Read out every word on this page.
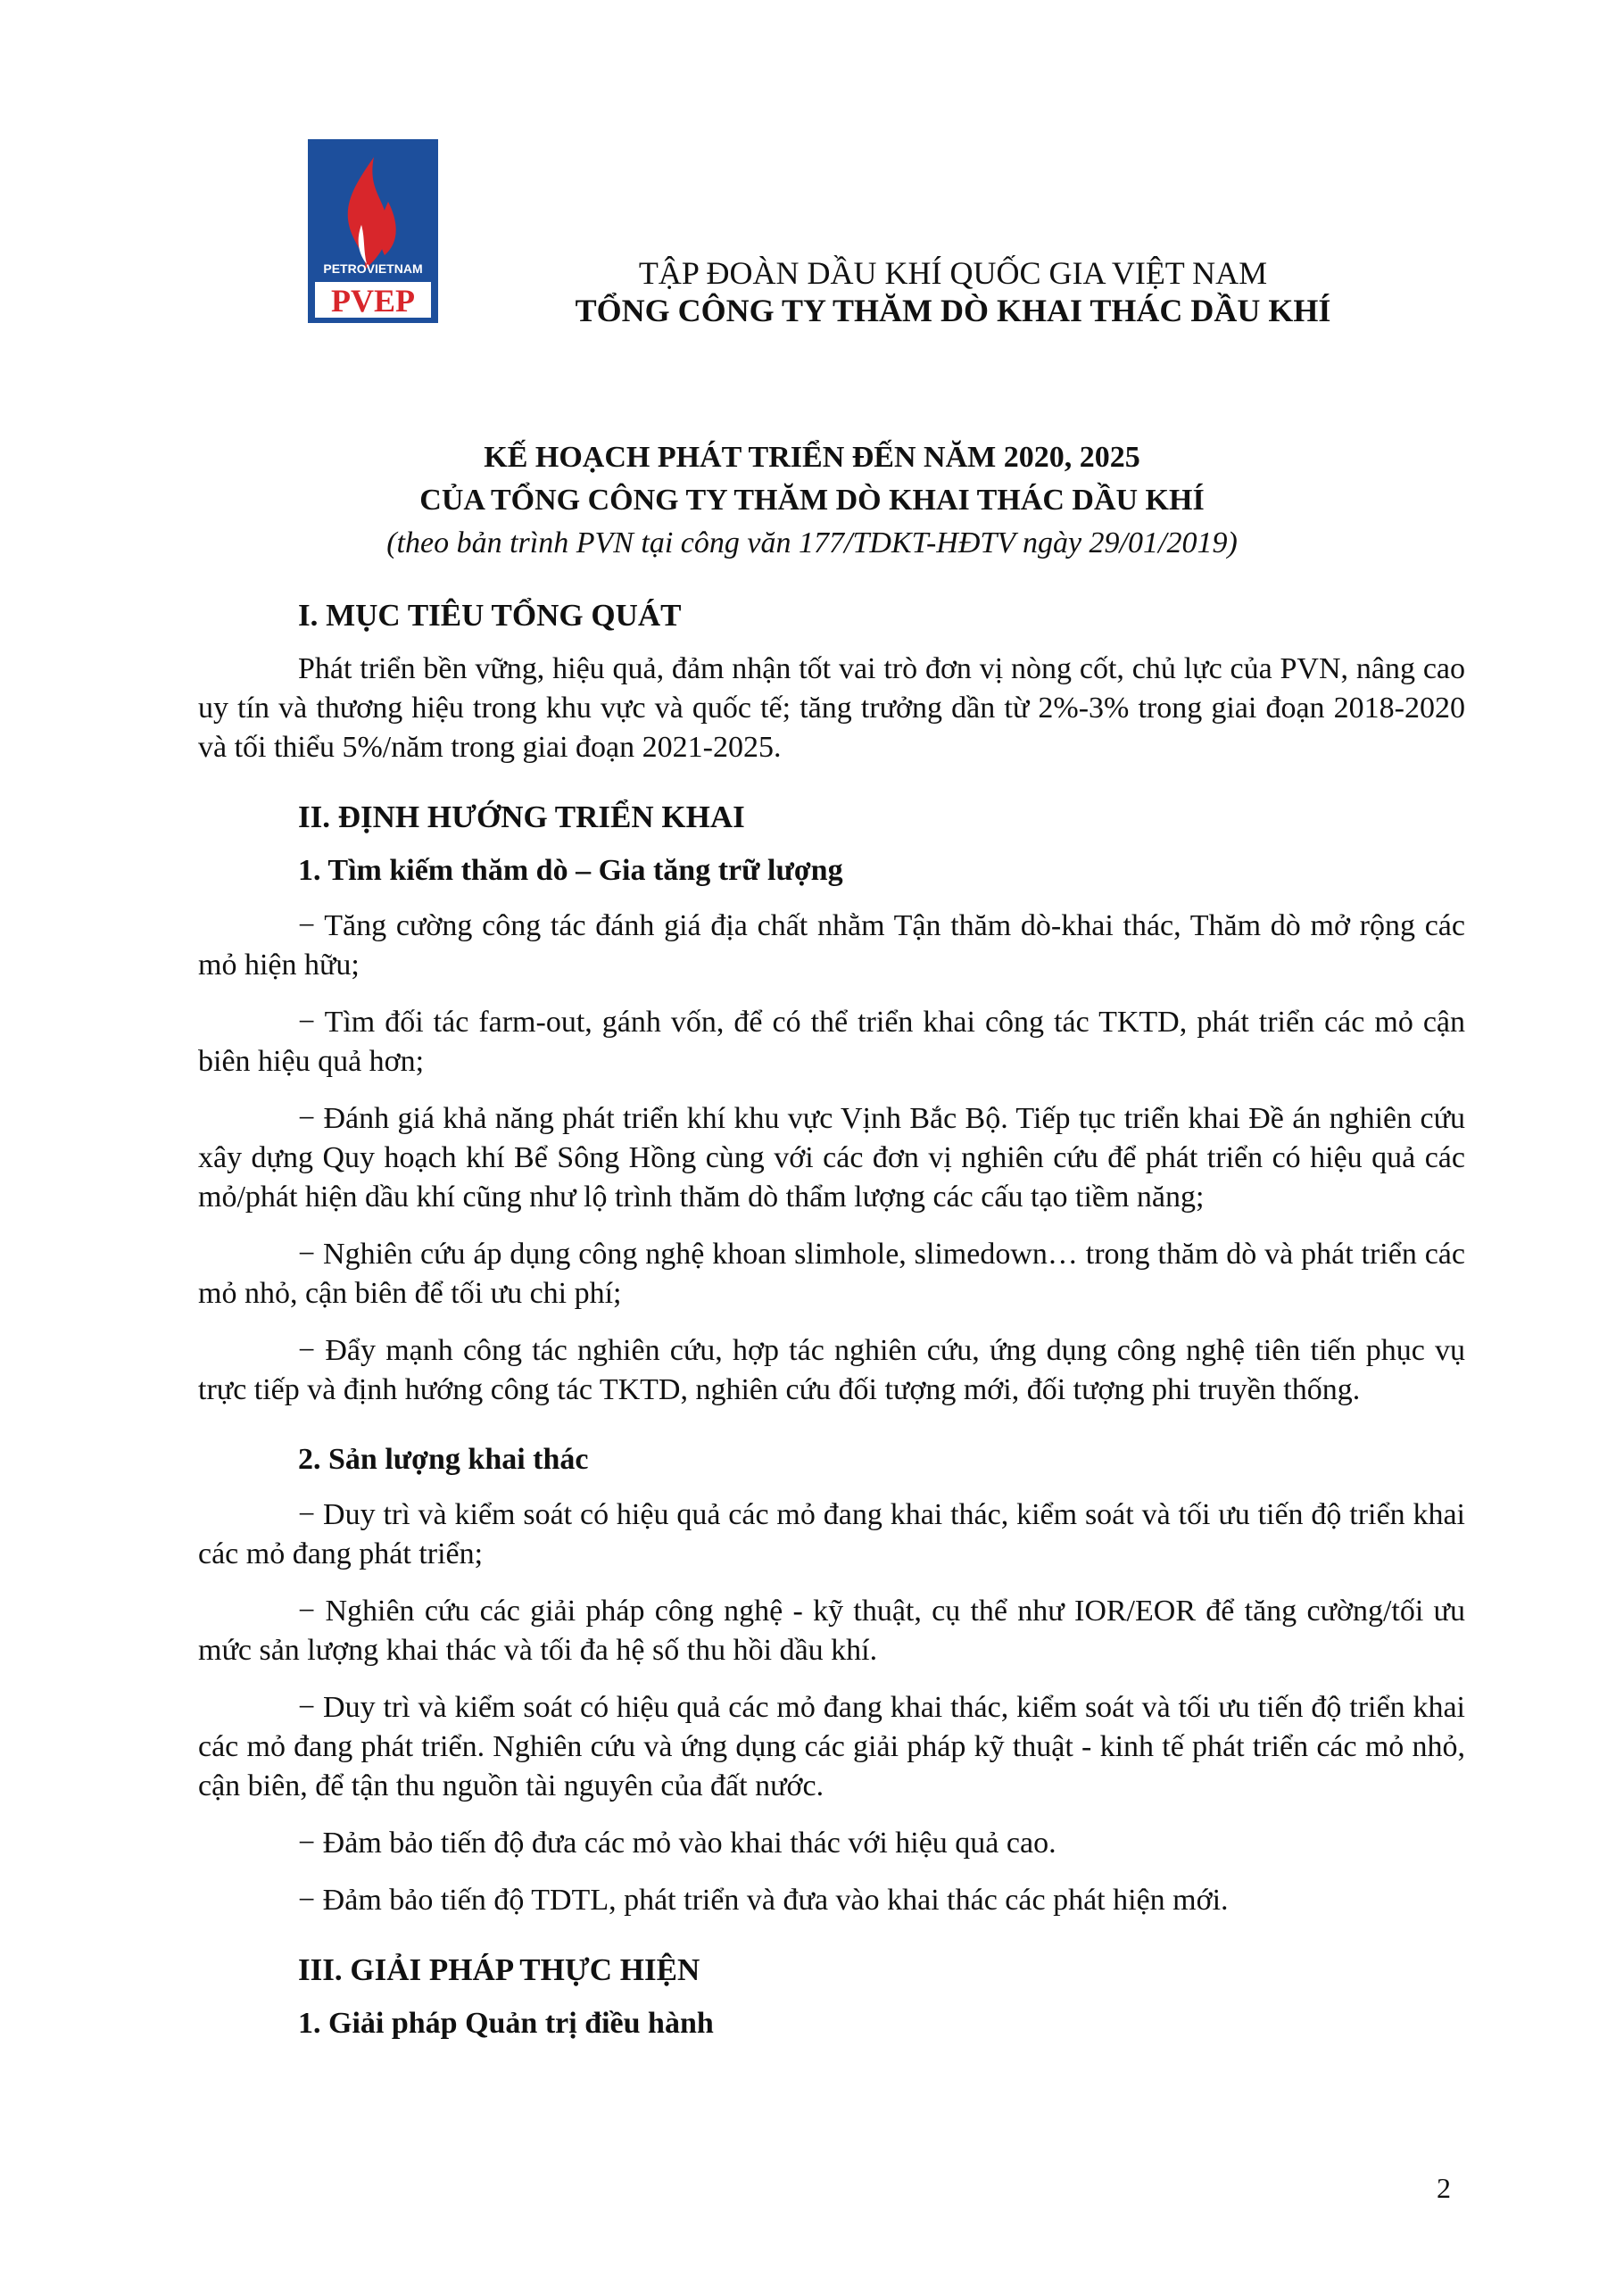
PETROVIETNAM
PVEP
TẬP ĐOÀN DẦU KHÍ QUỐC GIA VIỆT NAM
TỔNG CÔNG TY THĂM DÒ KHAI THÁC DẦU KHÍ
KẾ HOẠCH PHÁT TRIỂN ĐẾN NĂM 2020, 2025
CỦA TỔNG CÔNG TY THĂM DÒ KHAI THÁC DẦU KHÍ
(theo bản trình PVN tại công văn 177/TDKT-HĐTV ngày 29/01/2019)
I. MỤC TIÊU TỔNG QUÁT
Phát triển bền vững, hiệu quả, đảm nhận tốt vai trò đơn vị nòng cốt, chủ lực của PVN, nâng cao uy tín và thương hiệu trong khu vực và quốc tế; tăng trưởng dần từ 2%-3% trong giai đoạn 2018-2020 và tối thiểu 5%/năm trong giai đoạn 2021-2025.
II. ĐỊNH HƯỚNG TRIỂN KHAI
1. Tìm kiếm thăm dò – Gia tăng trữ lượng
− Tăng cường công tác đánh giá địa chất nhằm Tận thăm dò-khai thác, Thăm dò mở rộng các mỏ hiện hữu;
− Tìm đối tác farm-out, gánh vốn, để có thể triển khai công tác TKTD, phát triển các mỏ cận biên hiệu quả hơn;
− Đánh giá khả năng phát triển khí khu vực Vịnh Bắc Bộ. Tiếp tục triển khai Đề án nghiên cứu xây dựng Quy hoạch khí Bể Sông Hồng cùng với các đơn vị nghiên cứu để phát triển có hiệu quả các mỏ/phát hiện dầu khí cũng như lộ trình thăm dò thẩm lượng các cấu tạo tiềm năng;
− Nghiên cứu áp dụng công nghệ khoan slimhole, slimedown… trong thăm dò và phát triển các mỏ nhỏ, cận biên để tối ưu chi phí;
− Đẩy mạnh công tác nghiên cứu, hợp tác nghiên cứu, ứng dụng công nghệ tiên tiến phục vụ trực tiếp và định hướng công tác TKTD, nghiên cứu đối tượng mới, đối tượng phi truyền thống.
2. Sản lượng khai thác
− Duy trì và kiểm soát có hiệu quả các mỏ đang khai thác, kiểm soát và tối ưu tiến độ triển khai các mỏ đang phát triển;
− Nghiên cứu các giải pháp công nghệ - kỹ thuật, cụ thể như IOR/EOR để tăng cường/tối ưu mức sản lượng khai thác và tối đa hệ số thu hồi dầu khí.
− Duy trì và kiểm soát có hiệu quả các mỏ đang khai thác, kiểm soát và tối ưu tiến độ triển khai các mỏ đang phát triển. Nghiên cứu và ứng dụng các giải pháp kỹ thuật - kinh tế phát triển các mỏ nhỏ, cận biên, để tận thu nguồn tài nguyên của đất nước.
− Đảm bảo tiến độ đưa các mỏ vào khai thác với hiệu quả cao.
− Đảm bảo tiến độ TDTL, phát triển và đưa vào khai thác các phát hiện mới.
III. GIẢI PHÁP THỰC HIỆN
1. Giải pháp Quản trị điều hành
2
